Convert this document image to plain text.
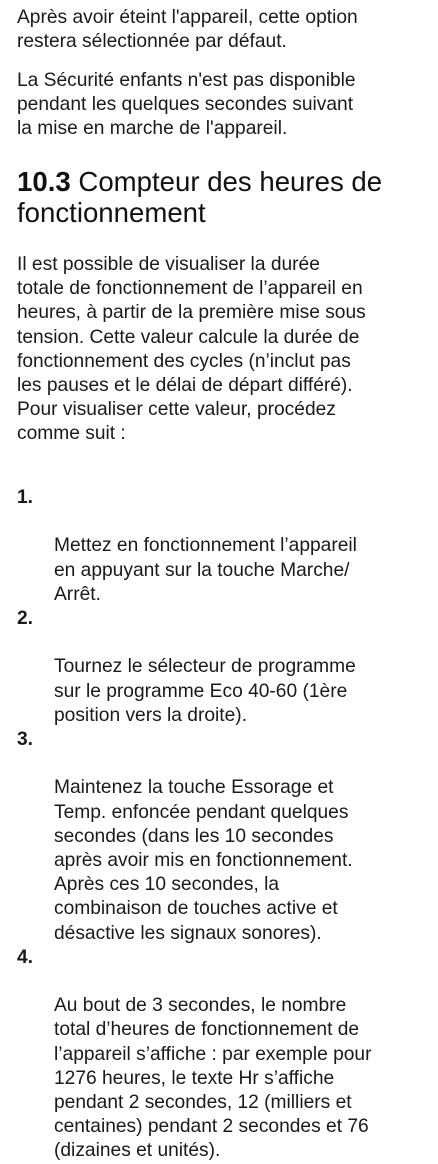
Après avoir éteint l'appareil, cette option
restera sélectionnée par défaut.

La Sécurité enfants n'est pas disponible
pendant les quelques secondes suivant
la mise en marche de l'appareil.

10.3 Compteur des heures de
fonctionnement

Il est possible de visualiser la durée
totale de fonctionnement de l’appareil en
heures, à partir de la première mise sous
tension. Cette valeur calcule la durée de
fonctionnement des cycles (n’inclut pas
les pauses et le délai de départ différé).
Pour visualiser cette valeur, procédez
comme suit :

1.

Mettez en fonctionnement l’appareil
en appuyant sur la touche Marche/
Arrêt.

2.

Tournez le sélecteur de programme
sur le programme Eco 40-60 (1ère
position vers la droite).

3.

Maintenez la touche Essorage et
Temp. enfoncée pendant quelques
secondes (dans les 10 secondes
après avoir mis en fonctionnement.
Après ces 10 secondes, la
combinaison de touches active et
désactive les signaux sonores).

4.

Au bout de 3 secondes, le nombre
total d’heures de fonctionnement de
l’appareil s’affiche : par exemple pour
1276 heures, le texte Hr s’affiche
pendant 2 secondes, 12 (milliers et
centaines) pendant 2 secondes et 76
(dizaines et unités).
